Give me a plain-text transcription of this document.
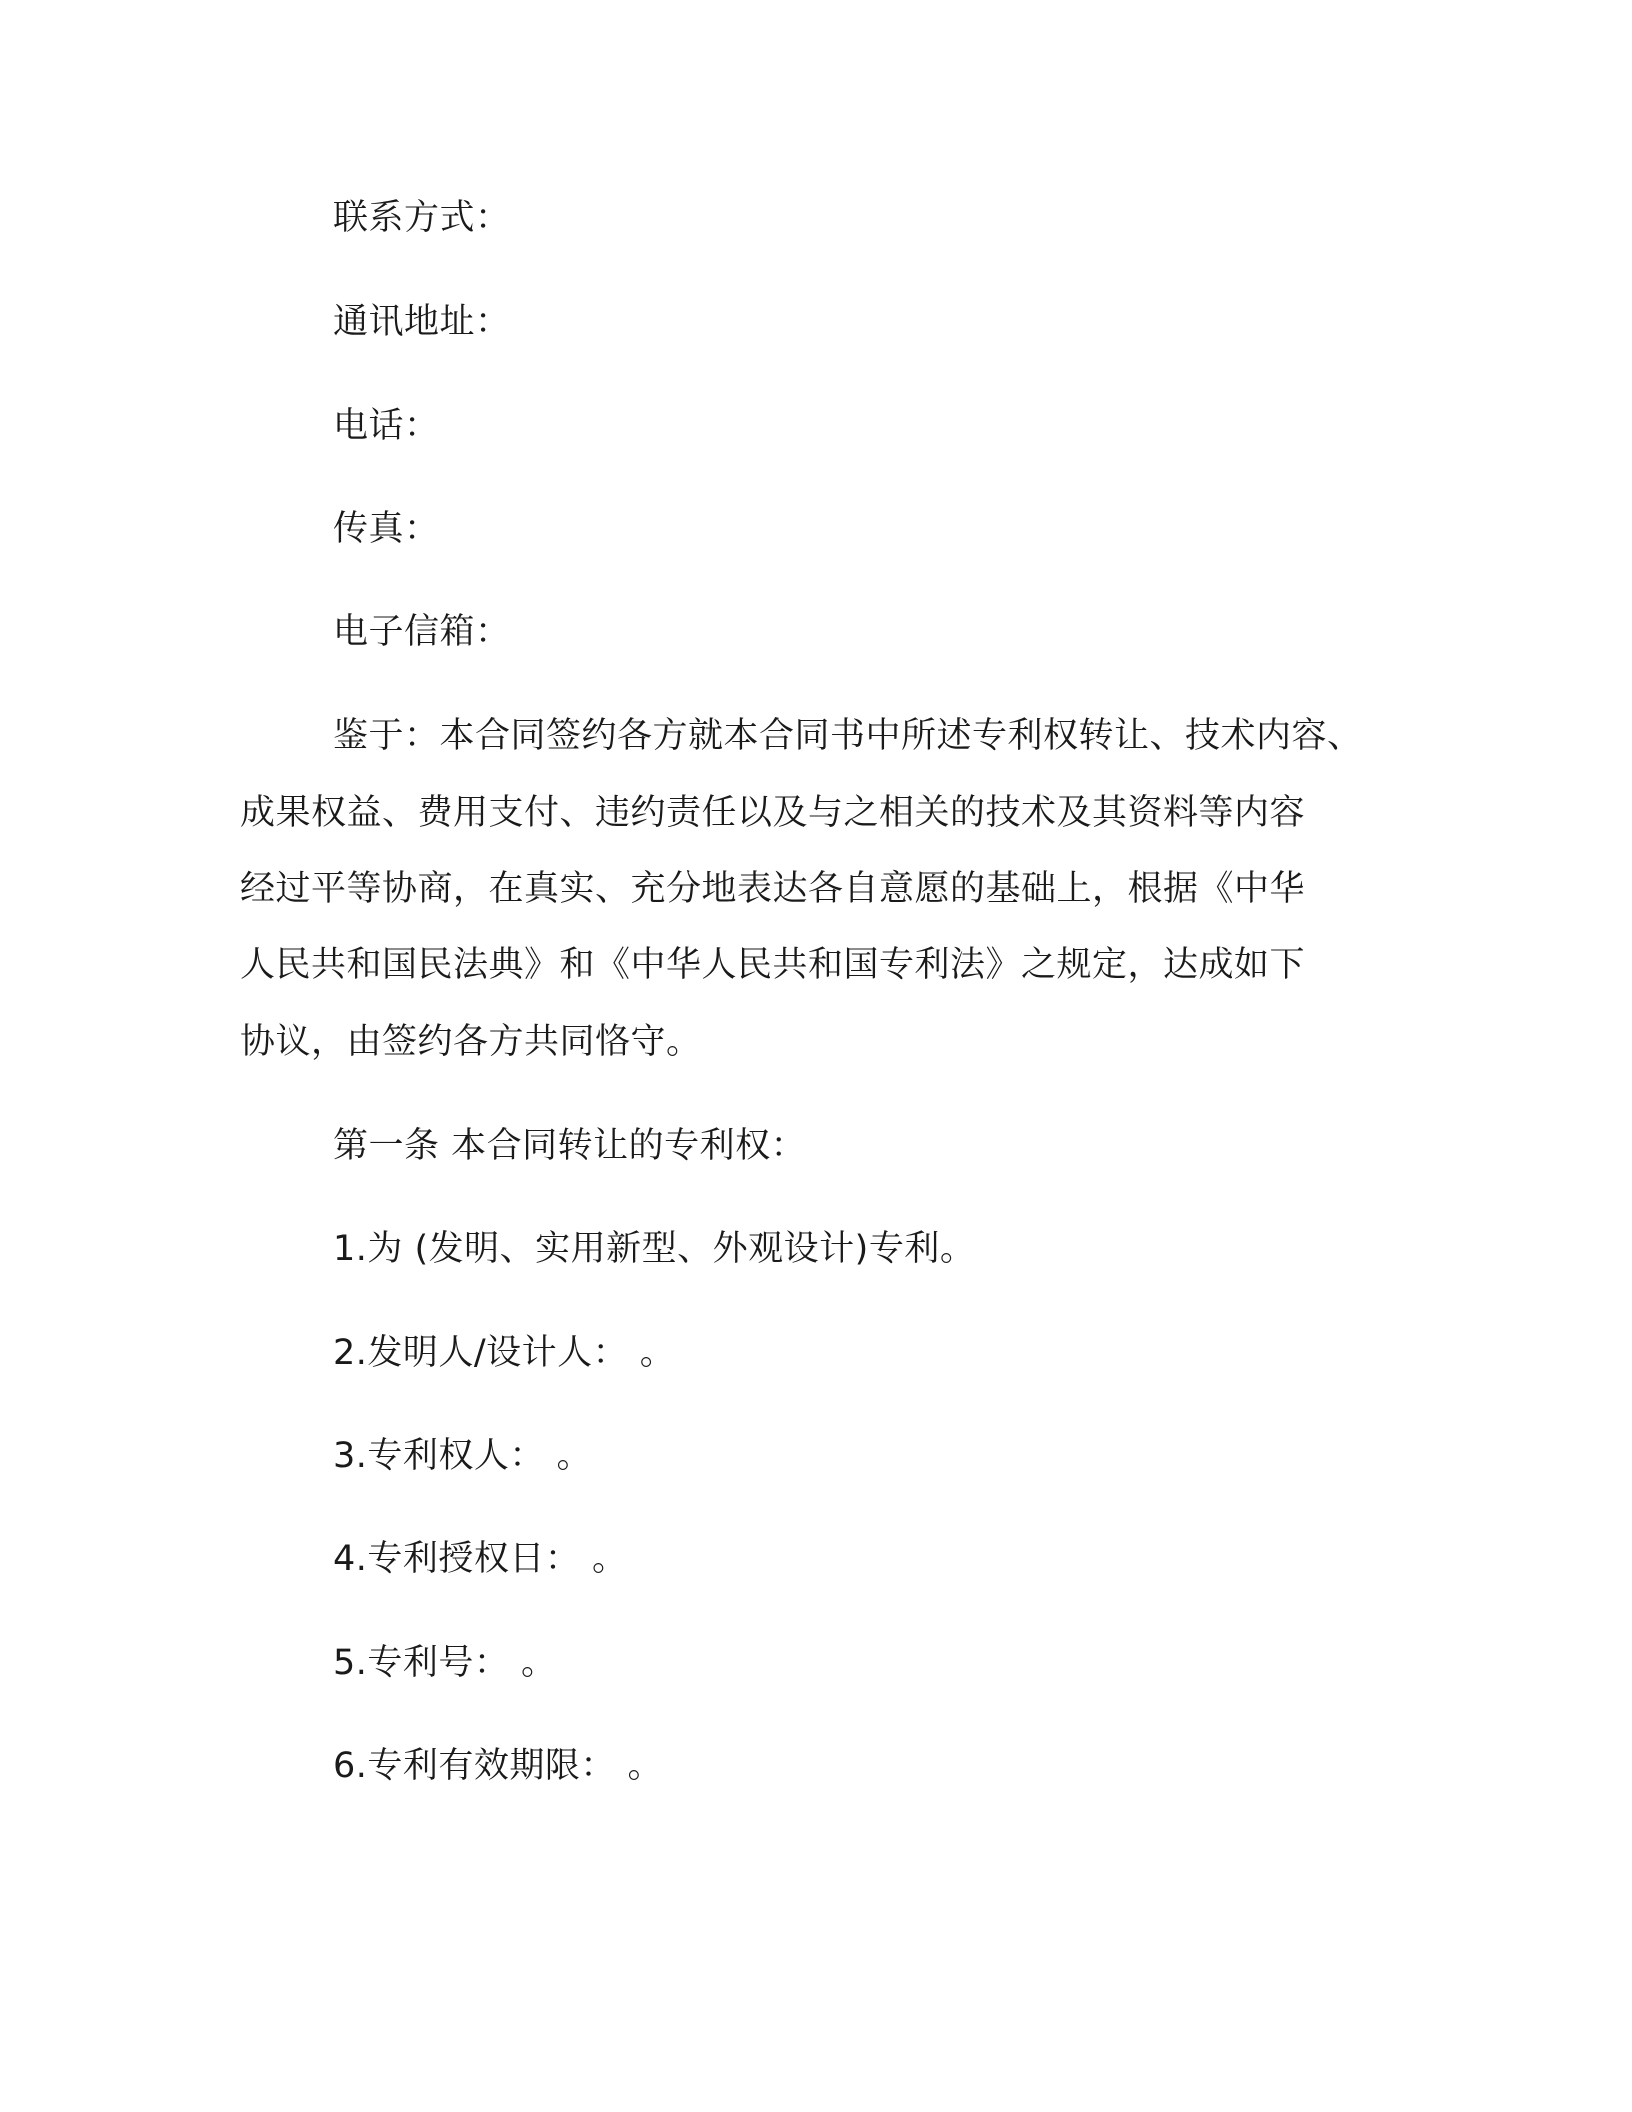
联系方式：
通讯地址：
电话：
传真：
电子信箱：
鉴于：本合同签约各方就本合同书中所述专利权转让、技术内容、
成果权益、费用支付、违约责任以及与之相关的技术及其资料等内容
经过平等协商，在真实、充分地表达各自意愿的基础上，根据《中华
人民共和国民法典》和《中华人民共和国专利法》之规定，达成如下
协议，由签约各方共同恪守。
第一条 本合同转让的专利权：
1.为 (发明、实用新型、外观设计)专利。
2.发明人/设计人： 。
3.专利权人： 。
4.专利授权日： 。
5.专利号： 。
6.专利有效期限： 。
